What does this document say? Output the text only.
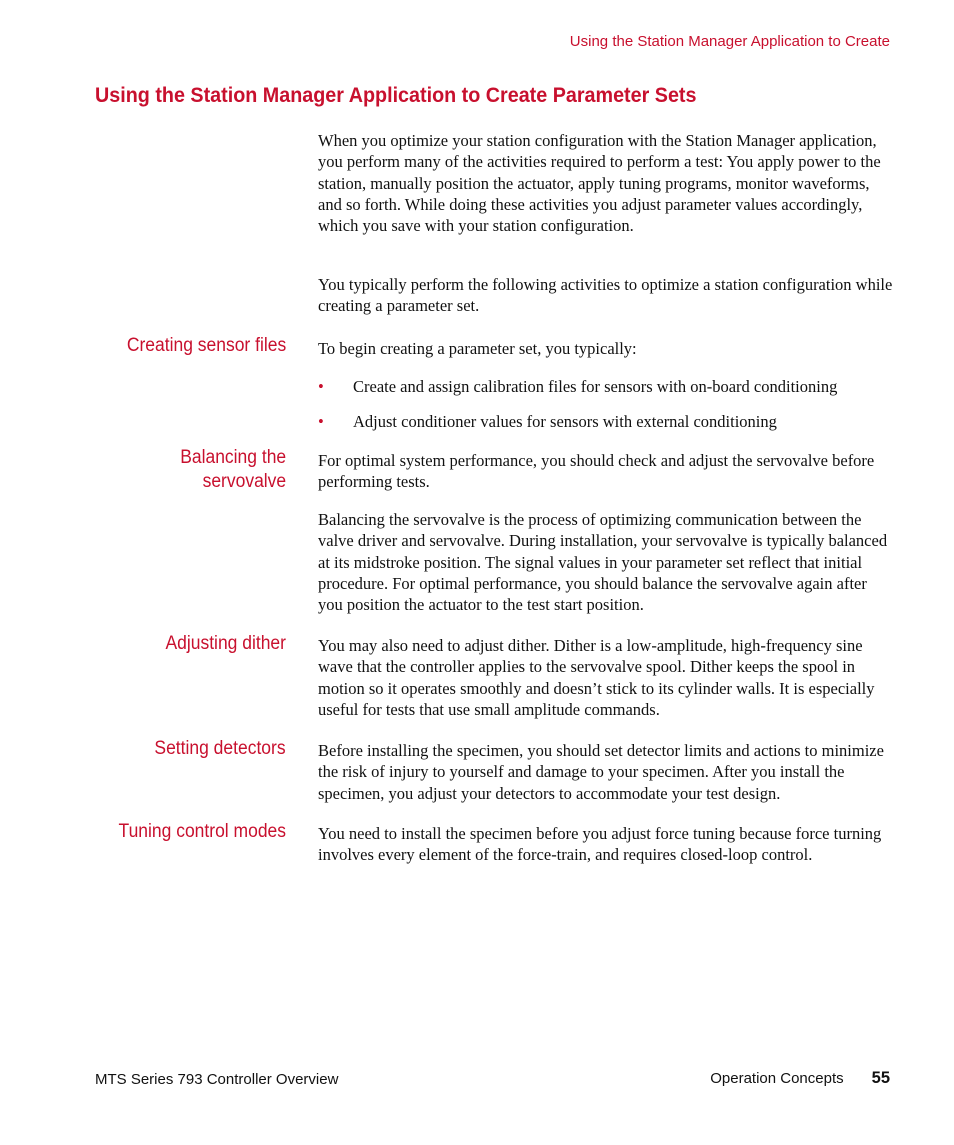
Using the Station Manager Application to Create
Using the Station Manager Application to Create Parameter Sets

When you optimize your station configuration with the Station Manager application, you perform many of the activities required to perform a test: You apply power to the station, manually position the actuator, apply tuning programs, monitor waveforms, and so forth. While doing these activities you adjust parameter values accordingly, which you save with your station configuration.

You typically perform the following activities to optimize a station configuration while creating a parameter set.

Creating sensor files To begin creating a parameter set, you typically:

• Create and assign calibration files for sensors with on-board conditioning
• Adjust conditioner values for sensors with external conditioning
Balancing the
servovalve

For optimal system performance, you should check and adjust the servovalve before performing tests.

Balancing the servovalve is the process of optimizing communication between the valve driver and servovalve. During installation, your servovalve is typically balanced at its midstroke position. The signal values in your parameter set reflect that initial procedure. For optimal performance, you should balance the servovalve again after you position the actuator to the test start position.

Adjusting dither You may also need to adjust dither. Dither is a low-amplitude, high-frequency sine wave that the controller applies to the servovalve spool. Dither keeps the spool in motion so it operates smoothly and doesn’t stick to its cylinder walls. It is especially useful for tests that use small amplitude commands.

Setting detectors Before installing the specimen, you should set detector limits and actions to minimize the risk of injury to yourself and damage to your specimen. After you install the specimen, you adjust your detectors to accommodate your test design.

Tuning control modes You need to install the specimen before you adjust force tuning because force turning involves every element of the force-train, and requires closed-loop control.

MTS Series 793 Controller Overview	Operation Concepts 55
